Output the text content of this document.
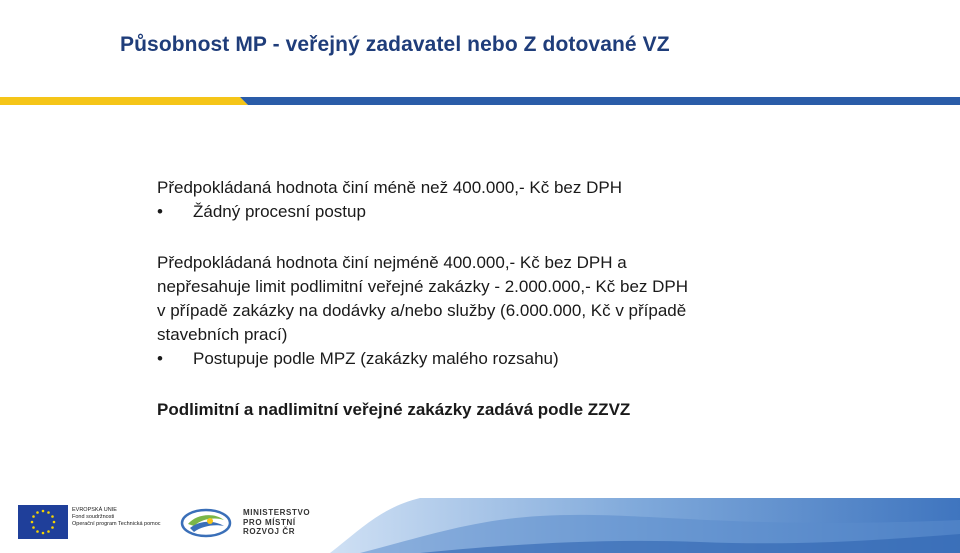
Působnost MP - veřejný zadavatel nebo Z dotované VZ

Předpokládaná hodnota činí méně než 400.000,- Kč bez DPH

•	Žádný procesní postup

Předpokládaná hodnota činí nejméně 400.000,- Kč bez DPH a

nepřesahuje limit podlimitní veřejné zakázky - 2.000.000,- Kč bez DPH

v případě zakázky na dodávky a/nebo služby (6.000.000, Kč v případě

stavebních prací)

•	Postupuje podle MPZ (zakázky malého rozsahu)

Podlimitní a nadlimitní veřejné zakázky zadává podle ZZVZ

EVROPSKÁ UNIE
Fond soudržnosti
Operační program Technická pomoc
MINISTERSTVO
PRO MÍSTNÍ
ROZVOJ ČR
